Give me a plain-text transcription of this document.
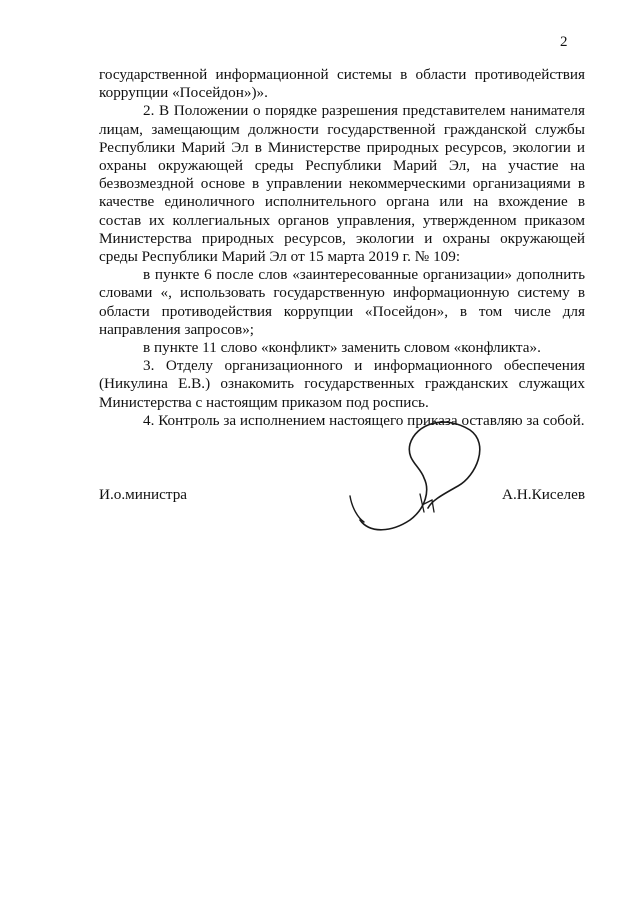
2

государственной информационной системы в области противодействия коррупции «Посейдон»)».

2. В Положении о порядке разрешения представителем нанимателя лицам, замещающим должности государственной гражданской службы Республики Марий Эл в Министерстве природных ресурсов, экологии и охраны окружающей среды Республики Марий Эл, на участие на безвозмездной основе в управлении некоммерческими организациями в качестве единоличного исполнительного органа или на вхождение в состав их коллегиальных органов управления, утвержденном приказом Министерства природных ресурсов, экологии и охраны окружающей среды Республики Марий Эл от 15 марта 2019 г. № 109:

в пункте 6 после слов «заинтересованные организации» дополнить словами «, использовать государственную информационную систему в области противодействия коррупции «Посейдон», в том числе для направления запросов»;

в пункте 11 слово «конфликт» заменить словом «конфликта».

3. Отделу организационного и информационного обеспечения (Никулина Е.В.) ознакомить государственных гражданских служащих Министерства с настоящим приказом под роспись.

4. Контроль за исполнением настоящего приказа оставляю за собой.

И.о.министра	А.Н.Киселев
